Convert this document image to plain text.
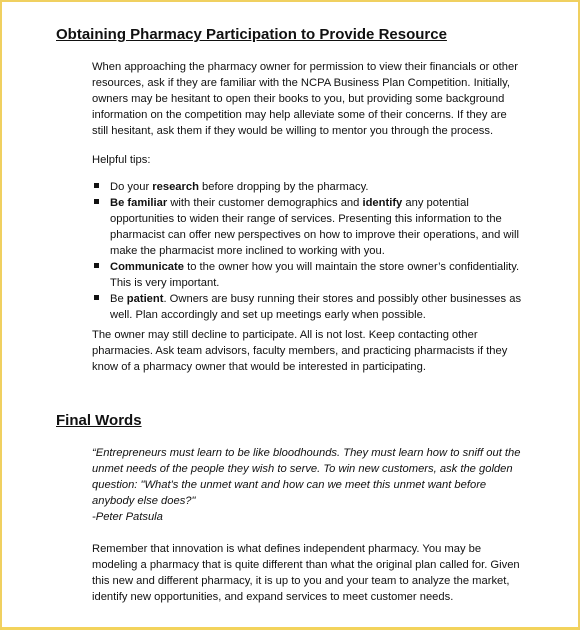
Obtaining Pharmacy Participation to Provide Resource
When approaching the pharmacy owner for permission to view their financials or other
resources, ask if they are familiar with the NCPA Business Plan Competition. Initially,
owners may be hesitant to open their books to you, but providing some background
information on the competition may help alleviate some of their concerns. If they are
still hesitant, ask them if they would be willing to mentor you through the process.
Helpful tips:
Do your research before dropping by the pharmacy.
Be familiar with their customer demographics and identify any potential
opportunities to widen their range of services. Presenting this information to the
pharmacist can offer new perspectives on how to improve their operations, and will
make the pharmacist more inclined to working with you.
Communicate to the owner how you will maintain the store owner’s confidentiality.
This is very important.
Be patient. Owners are busy running their stores and possibly other businesses as
well. Plan accordingly and set up meetings early when possible.
The owner may still decline to participate. All is not lost. Keep contacting other
pharmacies. Ask team advisors, faculty members, and practicing pharmacists if they
know of a pharmacy owner that would be interested in participating.
Final Words
“Entrepreneurs must learn to be like bloodhounds. They must learn how to sniff out the
unmet needs of the people they wish to serve. To win new customers, ask the golden
question: "What's the unmet want and how can we meet this unmet want before
anybody else does?"
-Peter Patsula
Remember that innovation is what defines independent pharmacy. You may be
modeling a pharmacy that is quite different than what the original plan called for. Given
this new and different pharmacy, it is up to you and your team to analyze the market,
identify new opportunities, and expand services to meet customer needs.
